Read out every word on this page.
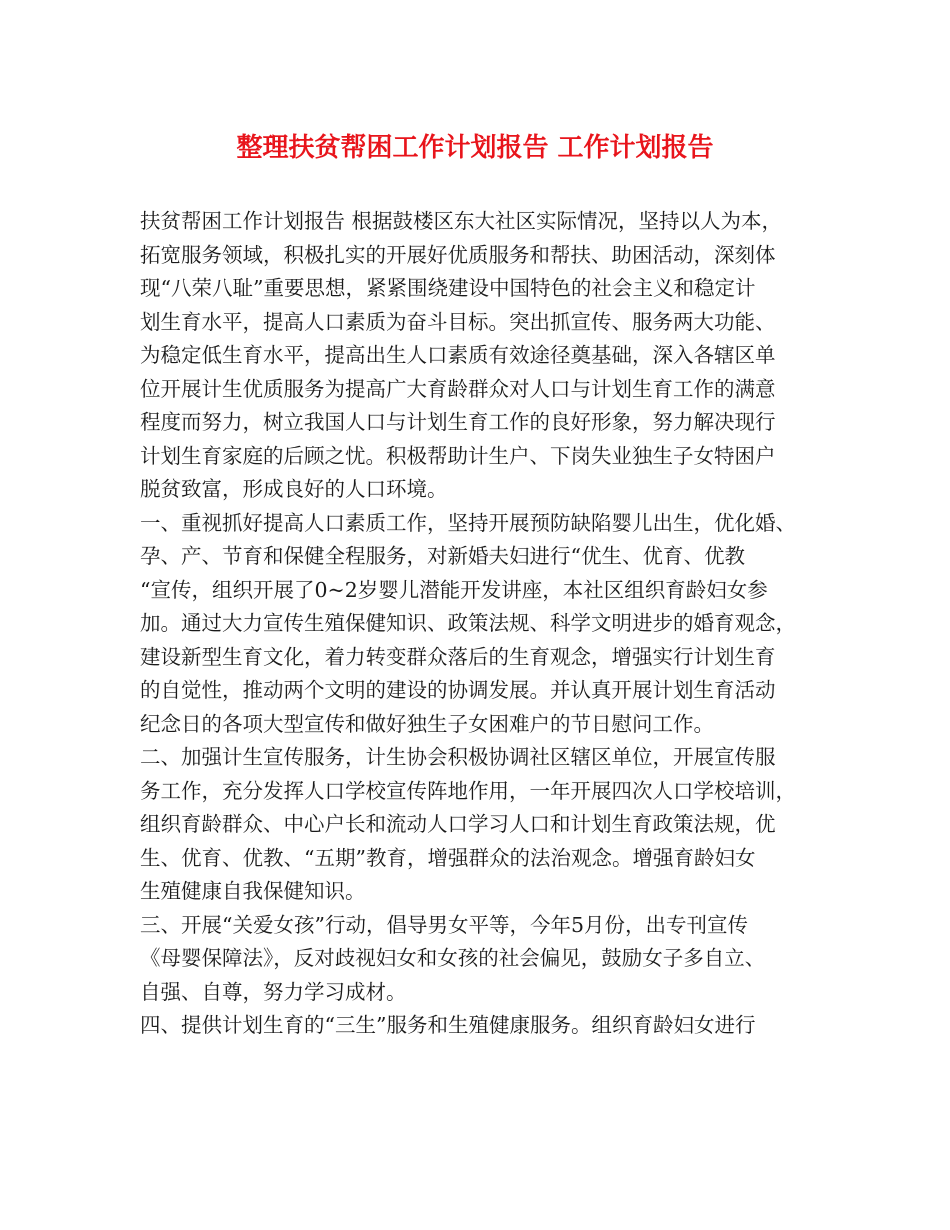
整理扶贫帮困工作计划报告 工作计划报告
扶贫帮困工作计划报告 根据鼓楼区东大社区实际情况，坚持以人为本，
拓宽服务领域，积极扎实的开展好优质服务和帮扶、助困活动，深刻体
现“八荣八耻”重要思想，紧紧围绕建设中国特色的社会主义和稳定计
划生育水平，提高人口素质为奋斗目标。突出抓宣传、服务两大功能、
为稳定低生育水平，提高出生人口素质有效途径奠基础，深入各辖区单
位开展计生优质服务为提高广大育龄群众对人口与计划生育工作的满意
程度而努力，树立我国人口与计划生育工作的良好形象，努力解决现行
计划生育家庭的后顾之忧。积极帮助计生户、下岗失业独生子女特困户
脱贫致富，形成良好的人口环境。
一、重视抓好提高人口素质工作，坚持开展预防缺陷婴儿出生，优化婚、
孕、产、节育和保健全程服务，对新婚夫妇进行“优生、优育、优教
“宣传，组织开展了0~2岁婴儿潜能开发讲座，本社区组织育龄妇女参
加。通过大力宣传生殖保健知识、政策法规、科学文明进步的婚育观念，
建设新型生育文化，着力转变群众落后的生育观念，增强实行计划生育
的自觉性，推动两个文明的建设的协调发展。并认真开展计划生育活动
纪念日的各项大型宣传和做好独生子女困难户的节日慰问工作。
二、加强计生宣传服务，计生协会积极协调社区辖区单位，开展宣传服
务工作，充分发挥人口学校宣传阵地作用，一年开展四次人口学校培训，
组织育龄群众、中心户长和流动人口学习人口和计划生育政策法规，优
生、优育、优教、“五期”教育，增强群众的法治观念。增强育龄妇女
生殖健康自我保健知识。
三、开展“关爱女孩”行动，倡导男女平等，今年5月份，出专刊宣传
《母婴保障法》，反对歧视妇女和女孩的社会偏见，鼓励女子多自立、
自强、自尊，努力学习成材。
四、提供计划生育的“三生”服务和生殖健康服务。组织育龄妇女进行
